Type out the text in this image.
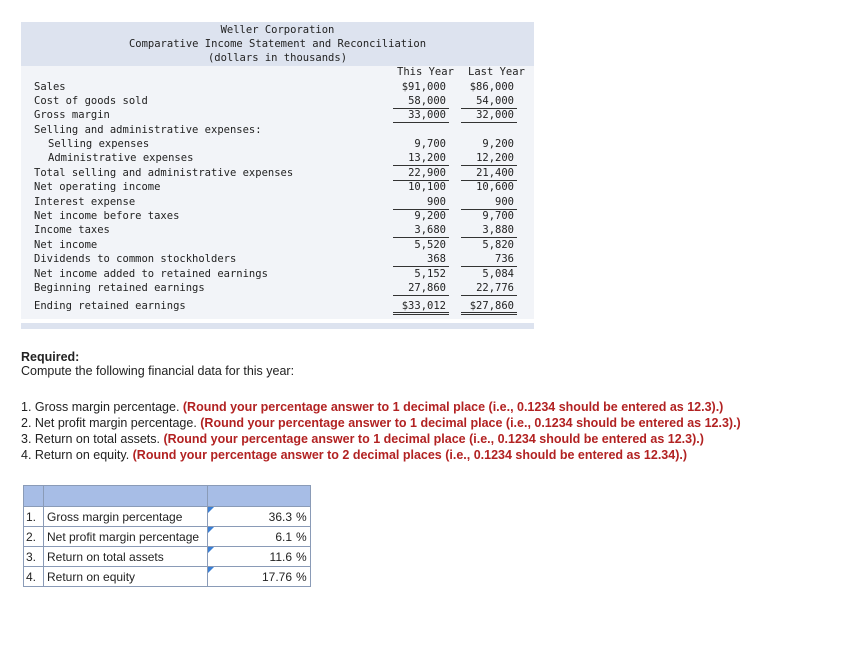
Weller Corporation
Comparative Income Statement and Reconciliation
(dollars in thousands)
This Year Last Year
Sales	$91,000	$86,000
Cost of goods sold	58,000	54,000
Gross margin	33,000	32,000
Selling and administrative expenses:
Selling expenses	9,700	9,200
Administrative expenses	13,200	12,200
Total selling and administrative expenses	22,900	21,400
Net operating income	10,100	10,600
Interest expense	900	900
Net income before taxes	9,200	9,700
Income taxes	3,680	3,880
Net income	5,520	5,820
Dividends to common stockholders	368	736
Net income added to retained earnings	5,152	5,084
Beginning retained earnings	27,860	22,776
Ending retained earnings	$33,012	$27,860
Required:
Compute the following financial data for this year:
1. Gross margin percentage. (Round your percentage answer to 1 decimal place (i.e., 0.1234 should be entered as 12.3).)
2. Net profit margin percentage. (Round your percentage answer to 1 decimal place (i.e., 0.1234 should be entered as 12.3).)
3. Return on total assets. (Round your percentage answer to 1 decimal place (i.e., 0.1234 should be entered as 12.3).)
4. Return on equity. (Round your percentage answer to 2 decimal places (i.e., 0.1234 should be entered as 12.34).)

1.	Gross margin percentage	36.3	%
2.	Net profit margin percentage	6.1	%
3.	Return on total assets	11.6	%
4.	Return on equity	17.76	%
